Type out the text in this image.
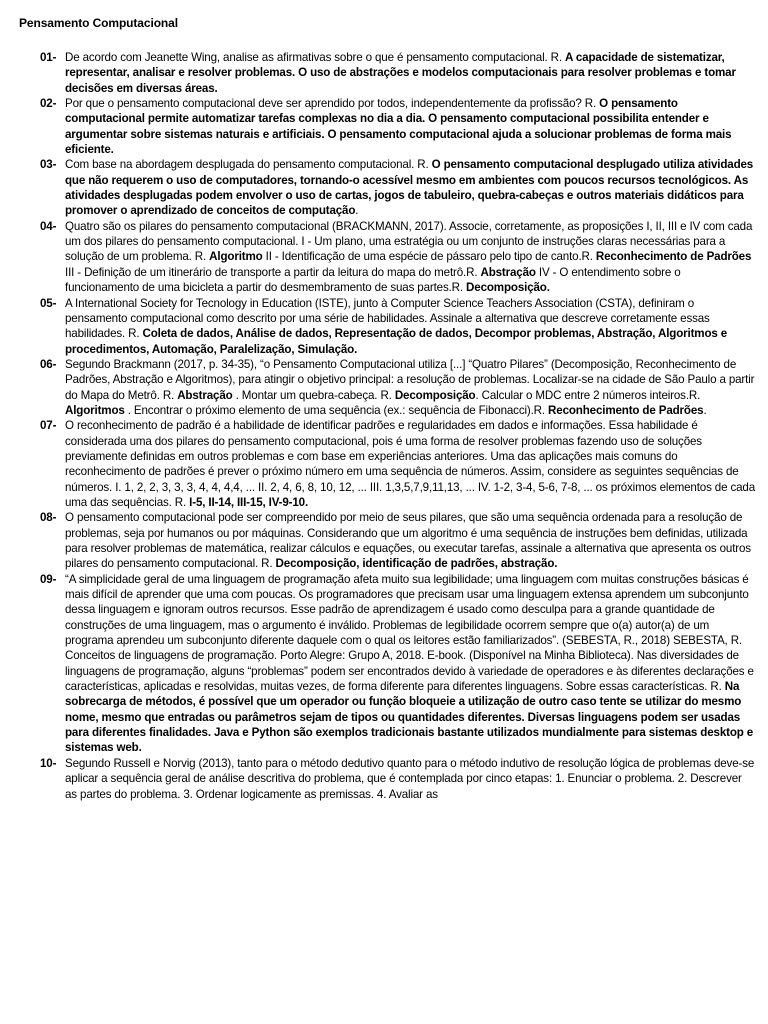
Pensamento Computacional
01- De acordo com Jeanette Wing, analise as afirmativas sobre o que é pensamento computacional. R. A capacidade de sistematizar, representar, analisar e resolver problemas. O uso de abstrações e modelos computacionais para resolver problemas e tomar decisões em diversas áreas.
02- Por que o pensamento computacional deve ser aprendido por todos, independentemente da profissão? R. O pensamento computacional permite automatizar tarefas complexas no dia a dia. O pensamento computacional possibilita entender e argumentar sobre sistemas naturais e artificiais. O pensamento computacional ajuda a solucionar problemas de forma mais eficiente.
03- Com base na abordagem desplugada do pensamento computacional. R. O pensamento computacional desplugado utiliza atividades que não requerem o uso de computadores, tornando-o acessível mesmo em ambientes com poucos recursos tecnológicos. As atividades desplugadas podem envolver o uso de cartas, jogos de tabuleiro, quebra-cabeças e outros materiais didáticos para promover o aprendizado de conceitos de computação.
04- Quatro são os pilares do pensamento computacional (BRACKMANN, 2017). Associe, corretamente, as proposições I, II, III e IV com cada um dos pilares do pensamento computacional. I - Um plano, uma estratégia ou um conjunto de instruções claras necessárias para a solução de um problema. R. Algoritmo II - Identificação de uma espécie de pássaro pelo tipo de canto.R. Reconhecimento de Padrões III - Definição de um itinerário de transporte a partir da leitura do mapa do metrô.R. Abstração IV - O entendimento sobre o funcionamento de uma bicicleta a partir do desmembramento de suas partes.R. Decomposição.
05- A International Society for Tecnology in Education (ISTE), junto à Computer Science Teachers Association (CSTA), definiram o pensamento computacional como descrito por uma série de habilidades. Assinale a alternativa que descreve corretamente essas habilidades. R. Coleta de dados, Análise de dados, Representação de dados, Decompor problemas, Abstração, Algoritmos e procedimentos, Automação, Paralelização, Simulação.
06- Segundo Brackmann (2017, p. 34-35), “o Pensamento Computacional utiliza [...] “Quatro Pilares” (Decomposição, Reconhecimento de Padrões, Abstração e Algoritmos), para atingir o objetivo principal: a resolução de problemas. Localizar-se na cidade de São Paulo a partir do Mapa do Metrô. R. Abstração . Montar um quebra-cabeça. R. Decomposição. Calcular o MDC entre 2 números inteiros.R. Algoritmos . Encontrar o próximo elemento de uma sequência (ex.: sequência de Fibonacci).R. Reconhecimento de Padrões.
07- O reconhecimento de padrão é a habilidade de identificar padrões e regularidades em dados e informações. Essa habilidade é considerada uma dos pilares do pensamento computacional, pois é uma forma de resolver problemas fazendo uso de soluções previamente definidas em outros problemas e com base em experiências anteriores. Uma das aplicações mais comuns do reconhecimento de padrões é prever o próximo número em uma sequência de números. Assim, considere as seguintes sequências de números. I. 1, 2, 2, 3, 3, 3, 4, 4, 4,4, ... II. 2, 4, 6, 8, 10, 12, ... III. 1,3,5,7,9,11,13, ... IV. 1-2, 3-4, 5-6, 7-8, ... os próximos elementos de cada uma das sequências. R. I-5, II-14, III-15, IV-9-10.
08- O pensamento computacional pode ser compreendido por meio de seus pilares, que são uma sequência ordenada para a resolução de problemas, seja por humanos ou por máquinas. Considerando que um algoritmo é uma sequência de instruções bem definidas, utilizada para resolver problemas de matemática, realizar cálculos e equações, ou executar tarefas, assinale a alternativa que apresenta os outros pilares do pensamento computacional. R. Decomposição, identificação de padrões, abstração.
09- “A simplicidade geral de uma linguagem de programação afeta muito sua legibilidade; uma linguagem com muitas construções básicas é mais difícil de aprender que uma com poucas. Os programadores que precisam usar uma linguagem extensa aprendem um subconjunto dessa linguagem e ignoram outros recursos. Esse padrão de aprendizagem é usado como desculpa para a grande quantidade de construções de uma linguagem, mas o argumento é inválido. Problemas de legibilidade ocorrem sempre que o(a) autor(a) de um programa aprendeu um subconjunto diferente daquele com o qual os leitores estão familiarizados”. (SEBESTA, R., 2018) SEBESTA, R. Conceitos de linguagens de programação. Porto Alegre: Grupo A, 2018. E-book. (Disponível na Minha Biblioteca). Nas diversidades de linguagens de programação, alguns “problemas” podem ser encontrados devido à variedade de operadores e às diferentes declarações e características, aplicadas e resolvidas, muitas vezes, de forma diferente para diferentes linguagens. Sobre essas características. R. Na sobrecarga de métodos, é possível que um operador ou função bloqueie a utilização de outro caso tente se utilizar do mesmo nome, mesmo que entradas ou parâmetros sejam de tipos ou quantidades diferentes. Diversas linguagens podem ser usadas para diferentes finalidades. Java e Python são exemplos tradicionais bastante utilizados mundialmente para sistemas desktop e sistemas web.
10- Segundo Russell e Norvig (2013), tanto para o método dedutivo quanto para o método indutivo de resolução lógica de problemas deve-se aplicar a sequência geral de análise descritiva do problema, que é contemplada por cinco etapas: 1. Enunciar o problema. 2. Descrever as partes do problema. 3. Ordenar logicamente as premissas. 4. Avaliar as
